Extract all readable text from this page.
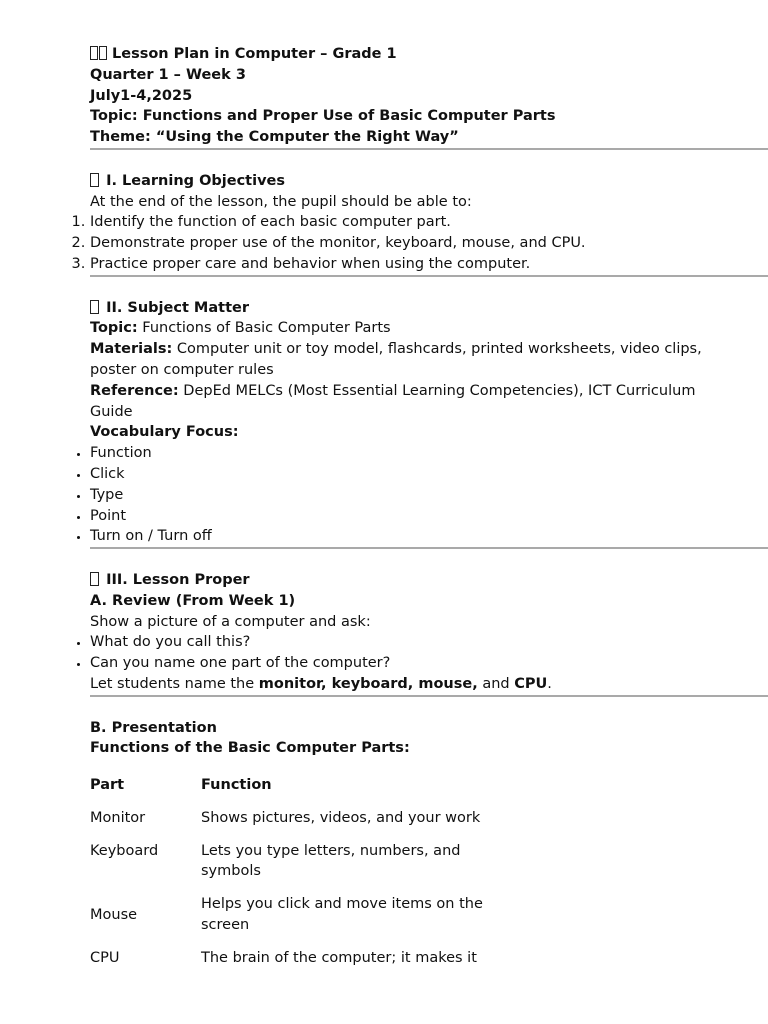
Lesson Plan in Computer – Grade 1

Quarter 1 – Week 3

July1-4,2025

Topic: Functions and Proper Use of Basic Computer Parts

Theme: “Using the Computer the Right Way”

I. Learning Objectives

At the end of the lesson, the pupil should be able to:

1. Identify the function of each basic computer part.
2. Demonstrate proper use of the monitor, keyboard, mouse, and CPU.
3. Practice proper care and behavior when using the computer.

II. Subject Matter

Topic: Functions of Basic Computer Parts

Materials: Computer unit or toy model, flashcards, printed worksheets, video clips, poster on computer rules

Reference: DepEd MELCs (Most Essential Learning Competencies), ICT Curriculum Guide

Vocabulary Focus:

• Function
• Click
• Type
• Point
• Turn on / Turn off

III. Lesson Proper

A. Review (From Week 1)

Show a picture of a computer and ask:

• What do you call this?
• Can you name one part of the computer?

Let students name the monitor, keyboard, mouse, and CPU.

B. Presentation

Functions of the Basic Computer Parts:

Part	Function
Monitor	Shows pictures, videos, and your work

Keyboard	Lets you type letters, numbers, and symbols
Mouse	Helps you click and move items on the screen
CPU	The brain of the computer; it makes it
